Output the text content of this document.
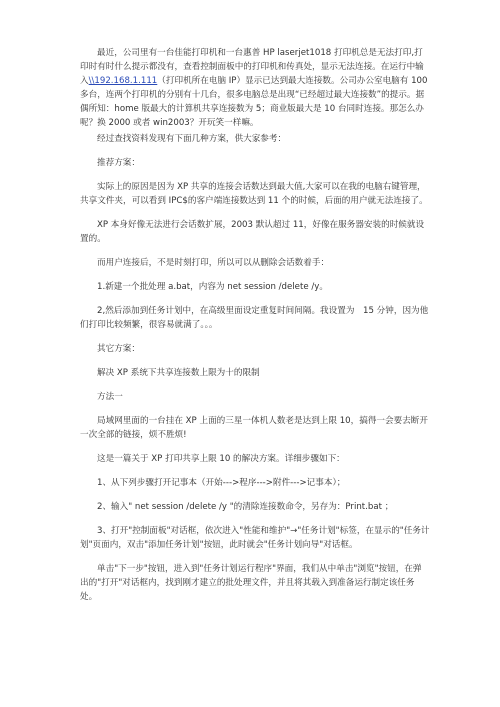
最近，公司里有一台佳能打印机和一台惠普 HP laserjet1018 打印机总是无法打印,打印时有时什么提示都没有，查看控制面板中的打印机和传真处，显示无法连接。在运行中输入\\192.168.1.111（打印机所在电脑 IP）显示已达到最大连接数。公司办公室电脑有 100 多台，连两个打印机的分别有十几台，很多电脑总是出现“已经超过最大连接数”的提示。据偶所知：home 版最大的计算机共享连接数为 5；商业版最大是 10 台同时连接。那怎么办呢？换 2000 或者 win2003？开玩笑一样嘛。

经过查找资料发现有下面几种方案，供大家参考：

推荐方案：

实际上的原因是因为 XP 共享的连接会话数达到最大值,大家可以在我的电脑右键管理，共享文件夹，可以看到 IPC$的客户端连接数达到 11 个的时候，后面的用户就无法连接了。

XP 本身好像无法进行会话数扩展，2003 默认超过 11，好像在服务器安装的时候就设置的。

而用户连接后，不是时刻打印，所以可以从删除会话数着手：

1.新建一个批处理 a.bat，内容为 net session /delete /y。

2,然后添加到任务计划中，在高级里面设定重复时间间隔。我设置为　15 分钟，因为他们打印比较频繁，很容易就满了。。。

其它方案：

解决 XP 系统下共享连接数上限为十的限制

方法一

局域网里面的一台挂在 XP 上面的三星一体机人数老是达到上限 10，搞得一会要去断开一次全部的链接，烦不胜烦!

这是一篇关于 XP 打印共享上限 10 的解决方案。详细步骤如下：

1、从下列步骤打开记事本（开始--->程序--->附件--->记事本）；

2、输入" net session /delete /y "的清除连接数命令，另存为：Print.bat ；

3、打开"控制面板"对话框，依次进入"性能和维护"→"任务计划"标签，在显示的"任务计划"页面内，双击"添加任务计划"按钮，此时就会"任务计划向导"对话框。

单击"下一步"按钮，进入到"任务计划运行程序"界面，我们从中单击"浏览"按钮，在弹出的"打开"对话框内，找到刚才建立的批处理文件，并且将其载入到准备运行制定该任务处。
